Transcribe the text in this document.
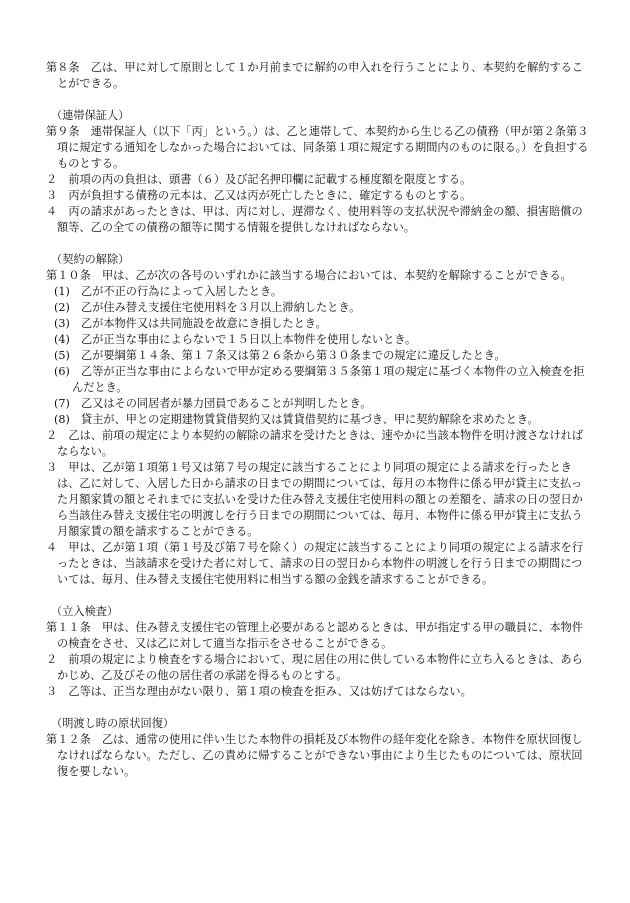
第８条　乙は、甲に対して原則として１か月前までに解約の申入れを行うことにより、本契約を解約することができる。

（連帯保証人）

第９条　連帯保証人（以下「丙」という。）は、乙と連帯して、本契約から生じる乙の債務（甲が第２条第３項に規定する通知をしなかった場合においては、同条第１項に規定する期間内のものに限る。）を負担するものとする。

２　前項の丙の負担は、頭書（６）及び記名押印欄に記載する極度額を限度とする。

３　丙が負担する債務の元本は、乙又は丙が死亡したときに、確定するものとする。

４　丙の請求があったときは、甲は、丙に対し、遅滞なく、使用料等の支払状況や滞納金の額、損害賠償の額等、乙の全ての債務の額等に関する情報を提供しなければならない。

（契約の解除）

第１０条　甲は、乙が次の各号のいずれかに該当する場合においては、本契約を解除することができる。

(1)　乙が不正の行為によって入居したとき。

(2)　乙が住み替え支援住宅使用料を３月以上滞納したとき。

(3)　乙が本物件又は共同施設を故意にき損したとき。

(4)　乙が正当な事由によらないで１５日以上本物件を使用しないとき。

(5)　乙が要綱第１４条、第１７条又は第２６条から第３０条までの規定に違反したとき。

(6)　乙等が正当な事由によらないで甲が定める要綱第３５条第１項の規定に基づく本物件の立入検査を拒んだとき。

(7)　乙又はその同居者が暴力団員であることが判明したとき。

(8)　貸主が、甲との定期建物賃貸借契約又は賃貸借契約に基づき、甲に契約解除を求めたとき。

２　乙は、前項の規定により本契約の解除の請求を受けたときは、速やかに当該本物件を明け渡さなければならない。

３　甲は、乙が第１項第１号又は第７号の規定に該当することにより同項の規定による請求を行ったときは、乙に対して、入居した日から請求の日までの期間については、毎月の本物件に係る甲が貸主に支払った月額家賃の額とそれまでに支払いを受けた住み替え支援住宅使用料の額との差額を、請求の日の翌日から当該住み替え支援住宅の明渡しを行う日までの期間については、毎月、本物件に係る甲が貸主に支払う月額家賃の額を請求することができる。

４　甲は、乙が第１項（第１号及び第７号を除く）の規定に該当することにより同項の規定による請求を行ったときは、当該請求を受けた者に対して、請求の日の翌日から本物件の明渡しを行う日までの期間については、毎月、住み替え支援住宅使用料に相当する額の金銭を請求することができる。

（立入検査）

第１１条　甲は、住み替え支援住宅の管理上必要があると認めるときは、甲が指定する甲の職員に、本物件の検査をさせ、又は乙に対して適当な指示をさせることができる。

２　前項の規定により検査をする場合において、現に居住の用に供している本物件に立ち入るときは、あらかじめ、乙及びその他の居住者の承諾を得るものとする。

３　乙等は、正当な理由がない限り、第１項の検査を拒み、又は妨げてはならない。

（明渡し時の原状回復）

第１２条　乙は、通常の使用に伴い生じた本物件の損耗及び本物件の経年変化を除き、本物件を原状回復しなければならない。ただし、乙の責めに帰することができない事由により生じたものについては、原状回復を要しない。
